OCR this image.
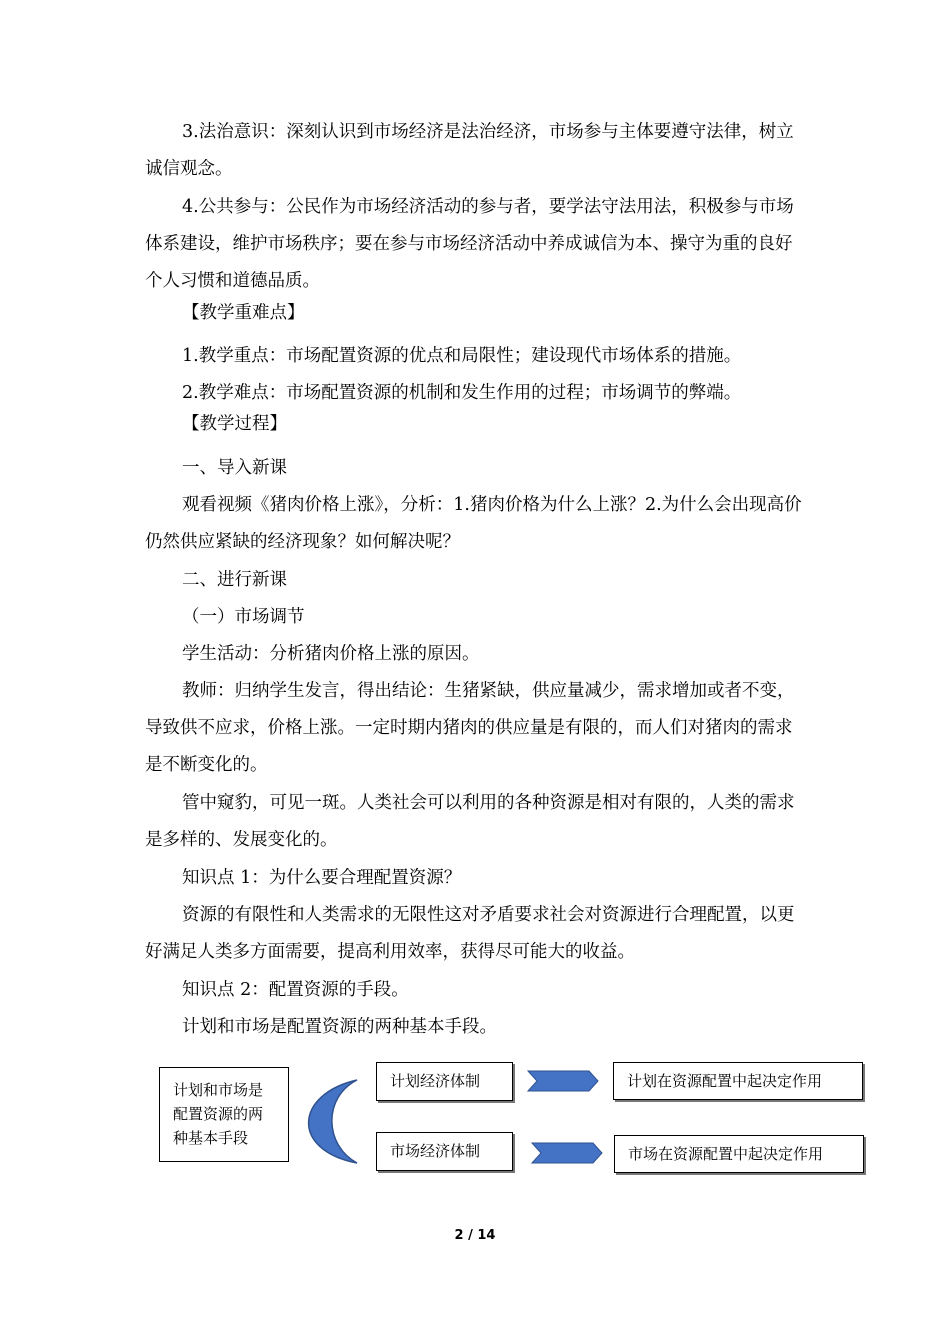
3.法治意识：深刻认识到市场经济是法治经济，市场参与主体要遵守法律，树立诚信观念。

4.公共参与：公民作为市场经济活动的参与者，要学法守法用法，积极参与市场体系建设，维护市场秩序；要在参与市场经济活动中养成诚信为本、操守为重的良好个人习惯和道德品质。

【教学重难点】

1.教学重点：市场配置资源的优点和局限性；建设现代市场体系的措施。

2.教学难点：市场配置资源的机制和发生作用的过程；市场调节的弊端。

【教学过程】

一、导入新课

观看视频《猪肉价格上涨》，分析：1.猪肉价格为什么上涨？2.为什么会出现高价仍然供应紧缺的经济现象？如何解决呢？

二、进行新课

（一）市场调节

学生活动：分析猪肉价格上涨的原因。

教师：归纳学生发言，得出结论：生猪紧缺，供应量减少，需求增加或者不变，导致供不应求，价格上涨。一定时期内猪肉的供应量是有限的，而人们对猪肉的需求是不断变化的。

管中窥豹，可见一斑。人类社会可以利用的各种资源是相对有限的，人类的需求是多样的、发展变化的。

知识点 1：为什么要合理配置资源？

资源的有限性和人类需求的无限性这对矛盾要求社会对资源进行合理配置，以更好满足人类多方面需要，提高利用效率，获得尽可能大的收益。

知识点 2：配置资源的手段。

计划和市场是配置资源的两种基本手段。

计划和市场是
配置资源的两
种基本手段
计划经济体制
市场经济体制
计划在资源配置中起决定作用
市场在资源配置中起决定作用
2 / 14
